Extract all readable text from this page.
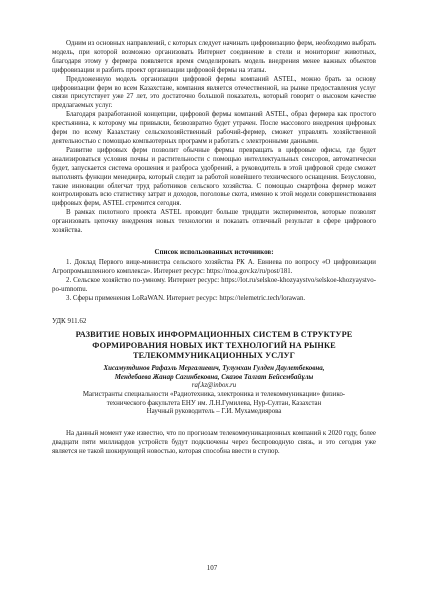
Одним из основных направлений, с которых следует начинать цифровизацию ферм, необходимо выбрать модель, при которой возможно организовать Интернет соединение в стели и мониторинг животных, благодаря этому у фермера появляется время смоделировать модель внедрения менее важных объектов цифровизации и разбить проект организации цифровой фермы на этапы.

Предложенную модель организации цифровой фермы компаний ASTEL, можно брать за основу цифровизации ферм во всем Казахстане, компания является отечественной, на рынке предоставления услуг связи присутствует уже 27 лет, это достаточно большой показатель, который говорит о высоком качестве предлагаемых услуг.

Благодаря разработанной концепции, цифровой фермы компаний ASTEL, образ фермера как простого крестьянина, к которому мы привыкли, безвозвратно будет утрачен. После массового внедрения цифровых ферм по всему Казахстану сельскохозяйственный рабочий-фермер, сможет управлять хозяйственной деятельностью с помощью компьютерных программ и работать с электронными данными.

Развитие цифровых ферм позволит обычные фермы превращать в цифровые офисы, где будет анализироваться условия почвы и растительности с помощью интеллектуальных сенсоров, автоматически будет, запускается система орошения и разброса удобрений, а руководитель в этой цифровой среде сможет выполнять функции менеджера, который следит за работой новейшего технического оснащения. Безусловно, такие инновации облегчат труд работников сельского хозяйства. С помощью смартфона фермер может контролировать всю статистику затрат и доходов, поголовье скота, именно к этой модели совершенствования цифровых ферм, ASTEL стремится сегодня.

В рамках пилотного проекта ASTEL проводит больше тридцати экспериментов, которые позволят организовать цепочку внедрения новых технологии и показать отличный результат в сфере цифрового хозяйства.

Список использованных источников:

1. Доклад Первого вице-министра сельского хозяйства РК А. Евниева по вопросу «О цифровизации Агропромышленного комплекса». Интернет ресурс: https://moa.gov.kz/ru/post/181.

2. Сельское хозяйство по-умному. Интернет ресурс: https://lot.ru/selskoe-khozyaystvo/selskoe-khozyaystvo-po-umnomu.

3. Сферы применения LoRaWAN. Интернет ресурс: https://telemetric.tech/lorawan.

УДК 911.62
РАЗВИТИЕ НОВЫХ ИНФОРМАЦИОННЫХ СИСТЕМ В СТРУКТУРЕ ФОРМИРОВАНИЯ НОВЫХ ИКТ ТЕХНОЛОГИЙ НА РЫНКЕ ТЕЛЕКОММУНИКАЦИОННЫХ УСЛУГ
Хисамутдинов Рафаэль Мергалиевич, Тулумхан Гулден Даулетбековна,
Мендебаева Жанар Сагинбековна, Сказов Талгат Бейсембайұлы
raf.kz@inbox.ru
Магистранты специальности «Радиотехника, электроника и телекоммуникации» физико-
технического факультета ЕНУ им. Л.Н.Гумилева, Нур-Султан, Казахстан
Научный руководитель – Г.И. Мухамедиярова

На данный момент уже известно, что по прогнозам телекоммуникационных компаний к 2020 году, более двадцати пяти миллиардов устройств будут подключены через беспроводную связь, и это сегодня уже является не такой шокирующей новостью, которая способна ввести в ступор.

107
